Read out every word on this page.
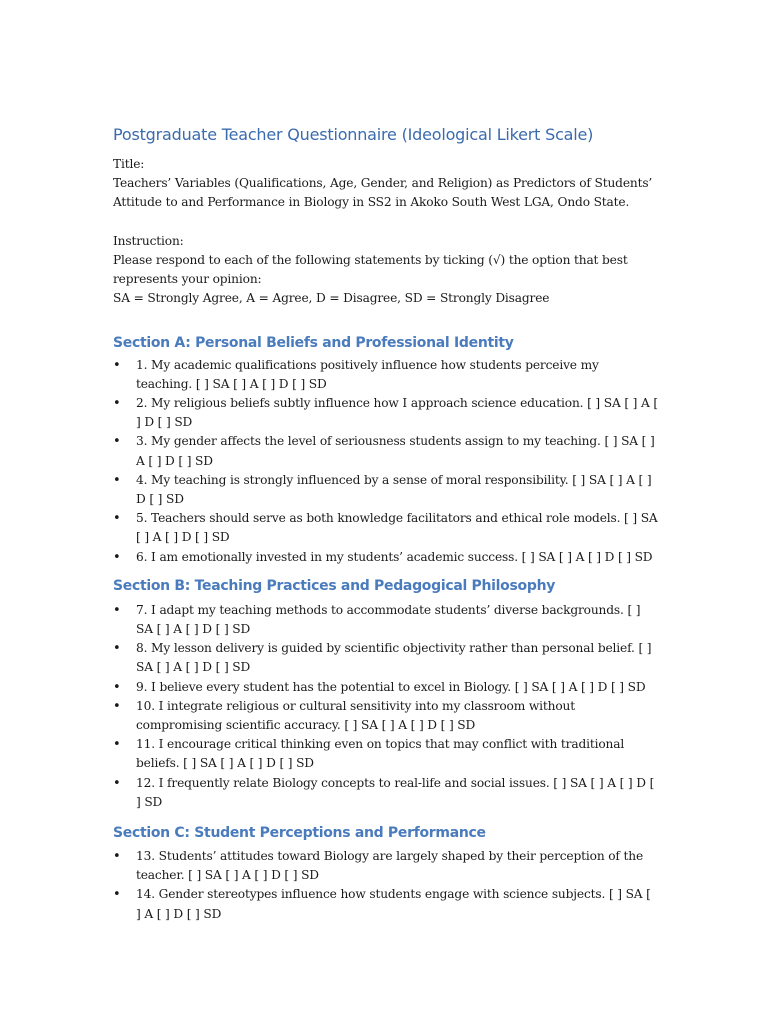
Postgraduate Teacher Questionnaire (Ideological Likert Scale)

Title:

Teachers’ Variables (Qualifications, Age, Gender, and Religion) as Predictors of Students’ Attitude to and Performance in Biology in SS2 in Akoko South West LGA, Ondo State.

Instruction:

Please respond to each of the following statements by ticking (√) the option that best represents your opinion:

SA = Strongly Agree, A = Agree, D = Disagree, SD = Strongly Disagree

Section A: Personal Beliefs and Professional Identity
• 1. My academic qualifications positively influence how students perceive my teaching. [ ] SA [ ] A [ ] D [ ] SD
• 2. My religious beliefs subtly influence how I approach science education. [ ] SA [ ] A [ ] D [ ] SD
• 3. My gender affects the level of seriousness students assign to my teaching. [ ] SA [ ] A [ ] D [ ] SD
• 4. My teaching is strongly influenced by a sense of moral responsibility. [ ] SA [ ] A [ ] D [ ] SD
• 5. Teachers should serve as both knowledge facilitators and ethical role models. [ ] SA [ ] A [ ] D [ ] SD
• 6. I am emotionally invested in my students’ academic success. [ ] SA [ ] A [ ] D [ ] SD
Section B: Teaching Practices and Pedagogical Philosophy
• 7. I adapt my teaching methods to accommodate students’ diverse backgrounds. [ ] SA [ ] A [ ] D [ ] SD
• 8. My lesson delivery is guided by scientific objectivity rather than personal belief. [ ] SA [ ] A [ ] D [ ] SD
• 9. I believe every student has the potential to excel in Biology. [ ] SA [ ] A [ ] D [ ] SD
• 10. I integrate religious or cultural sensitivity into my classroom without compromising scientific accuracy. [ ] SA [ ] A [ ] D [ ] SD
• 11. I encourage critical thinking even on topics that may conflict with traditional beliefs. [ ] SA [ ] A [ ] D [ ] SD
• 12. I frequently relate Biology concepts to real-life and social issues. [ ] SA [ ] A [ ] D [ ] SD
Section C: Student Perceptions and Performance
• 13. Students’ attitudes toward Biology are largely shaped by their perception of the teacher. [ ] SA [ ] A [ ] D [ ] SD
• 14. Gender stereotypes influence how students engage with science subjects. [ ] SA [ ] A [ ] D [ ] SD
